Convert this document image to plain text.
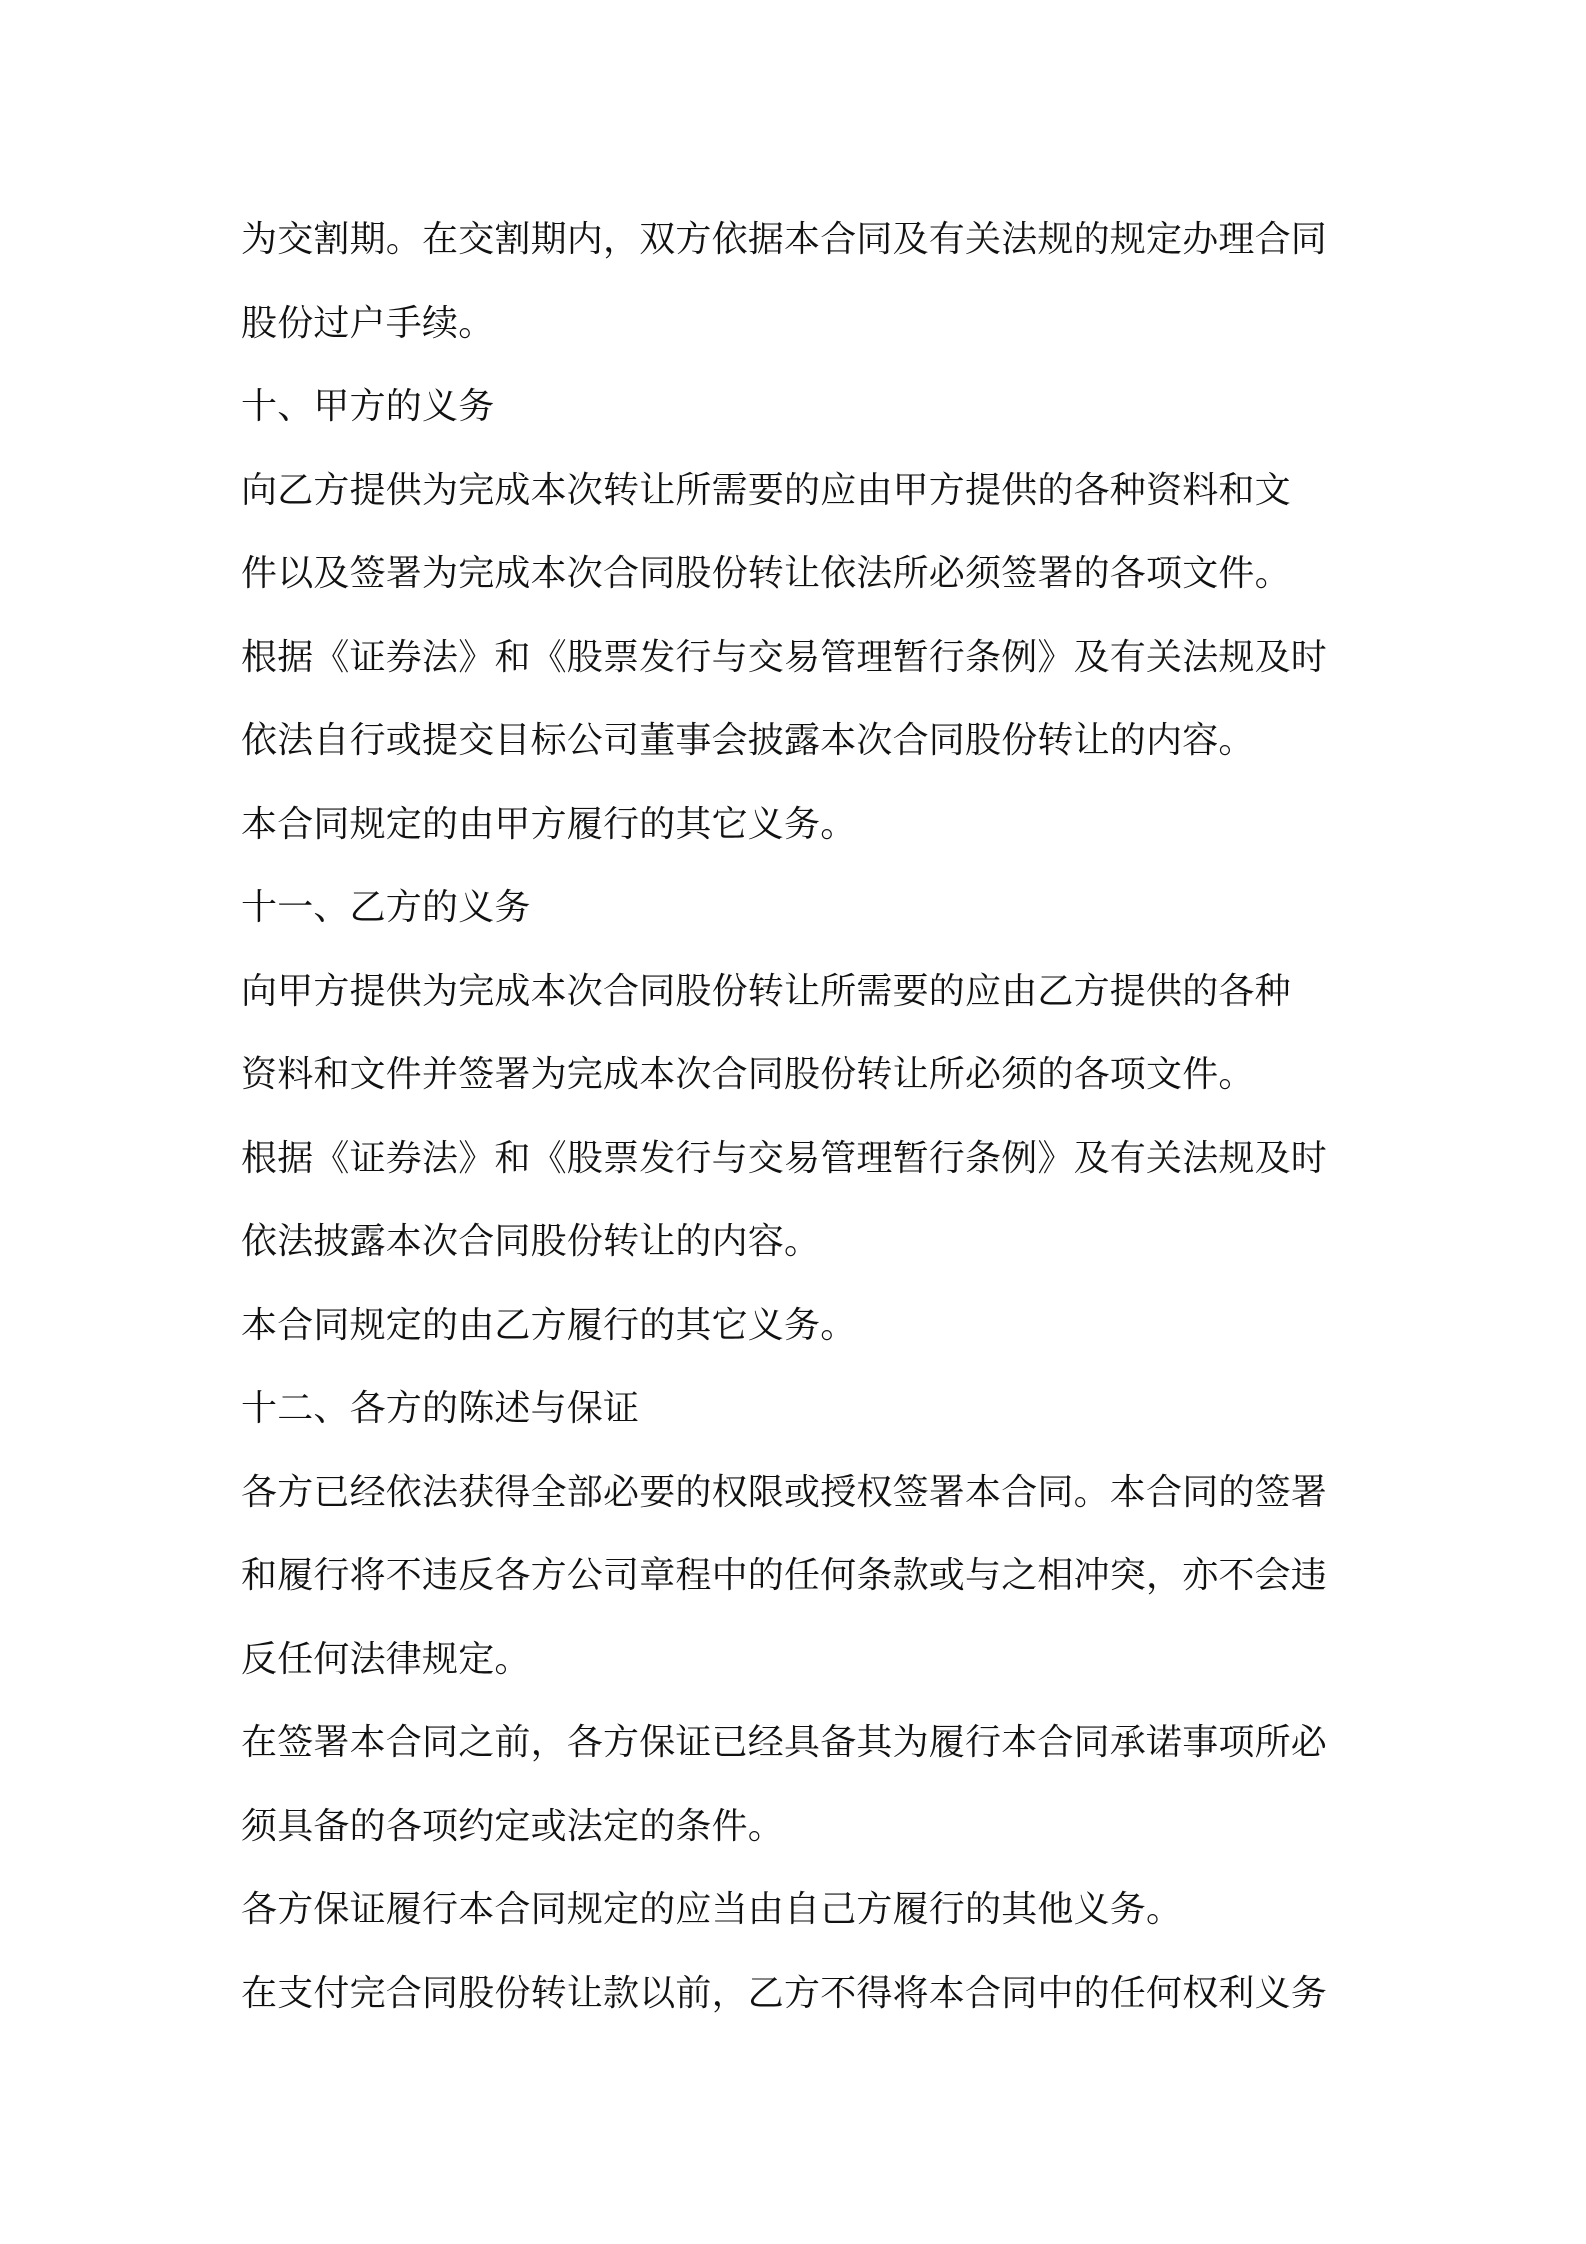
为交割期。在交割期内，双方依据本合同及有关法规的规定办理合同
股份过户手续。
十、甲方的义务
向乙方提供为完成本次转让所需要的应由甲方提供的各种资料和文
件以及签署为完成本次合同股份转让依法所必须签署的各项文件。
根据《证券法》和《股票发行与交易管理暂行条例》及有关法规及时
依法自行或提交目标公司董事会披露本次合同股份转让的内容。
本合同规定的由甲方履行的其它义务。
十一、乙方的义务
向甲方提供为完成本次合同股份转让所需要的应由乙方提供的各种
资料和文件并签署为完成本次合同股份转让所必须的各项文件。
根据《证券法》和《股票发行与交易管理暂行条例》及有关法规及时
依法披露本次合同股份转让的内容。
本合同规定的由乙方履行的其它义务。
十二、各方的陈述与保证
各方已经依法获得全部必要的权限或授权签署本合同。本合同的签署
和履行将不违反各方公司章程中的任何条款或与之相冲突，亦不会违
反任何法律规定。
在签署本合同之前，各方保证已经具备其为履行本合同承诺事项所必
须具备的各项约定或法定的条件。
各方保证履行本合同规定的应当由自己方履行的其他义务。
在支付完合同股份转让款以前，乙方不得将本合同中的任何权利义务
